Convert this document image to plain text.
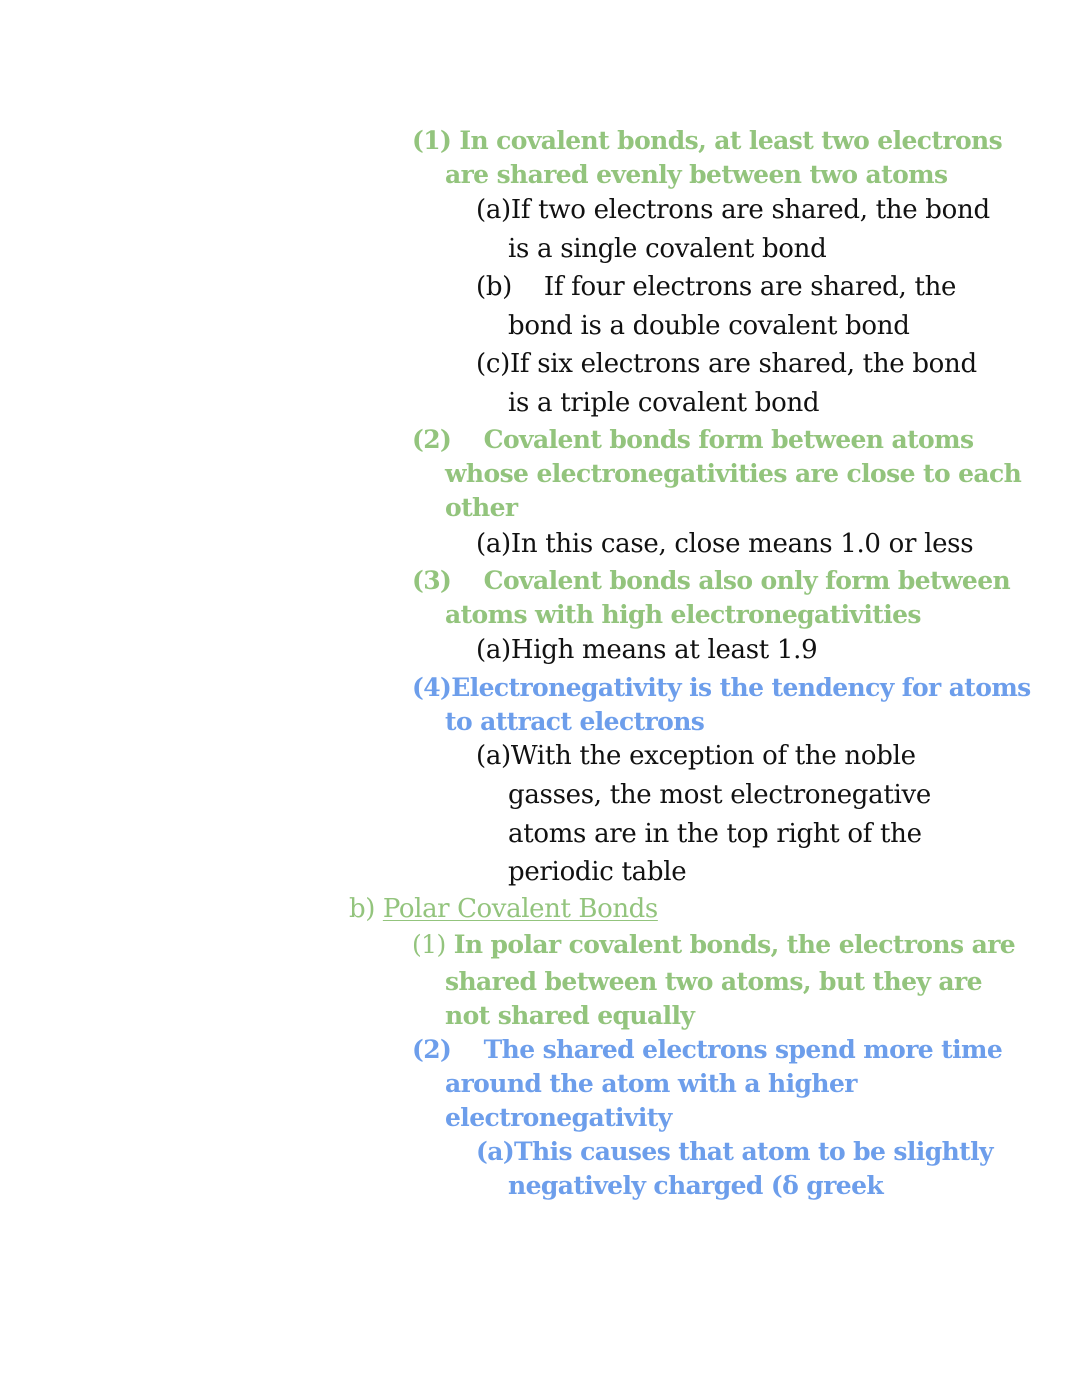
(1) In covalent bonds, at least two electrons
are shared evenly between two atoms
(a)If two electrons are shared, the bond
is a single covalent bond
(b)    If four electrons are shared, the
bond is a double covalent bond
(c)If six electrons are shared, the bond
is a triple covalent bond
(2)    Covalent bonds form between atoms
whose electronegativities are close to each
other
(a)In this case, close means 1.0 or less
(3)    Covalent bonds also only form between
atoms with high electronegativities
(a)High means at least 1.9
(4)Electronegativity is the tendency for atoms
to attract electrons
(a)With the exception of the noble
gasses, the most electronegative
atoms are in the top right of the
periodic table
b) Polar Covalent Bonds
(1) In polar covalent bonds, the electrons are
shared between two atoms, but they are
not shared equally
(2)    The shared electrons spend more time
around the atom with a higher
electronegativity
(a)This causes that atom to be slightly
negatively charged (δ greek
